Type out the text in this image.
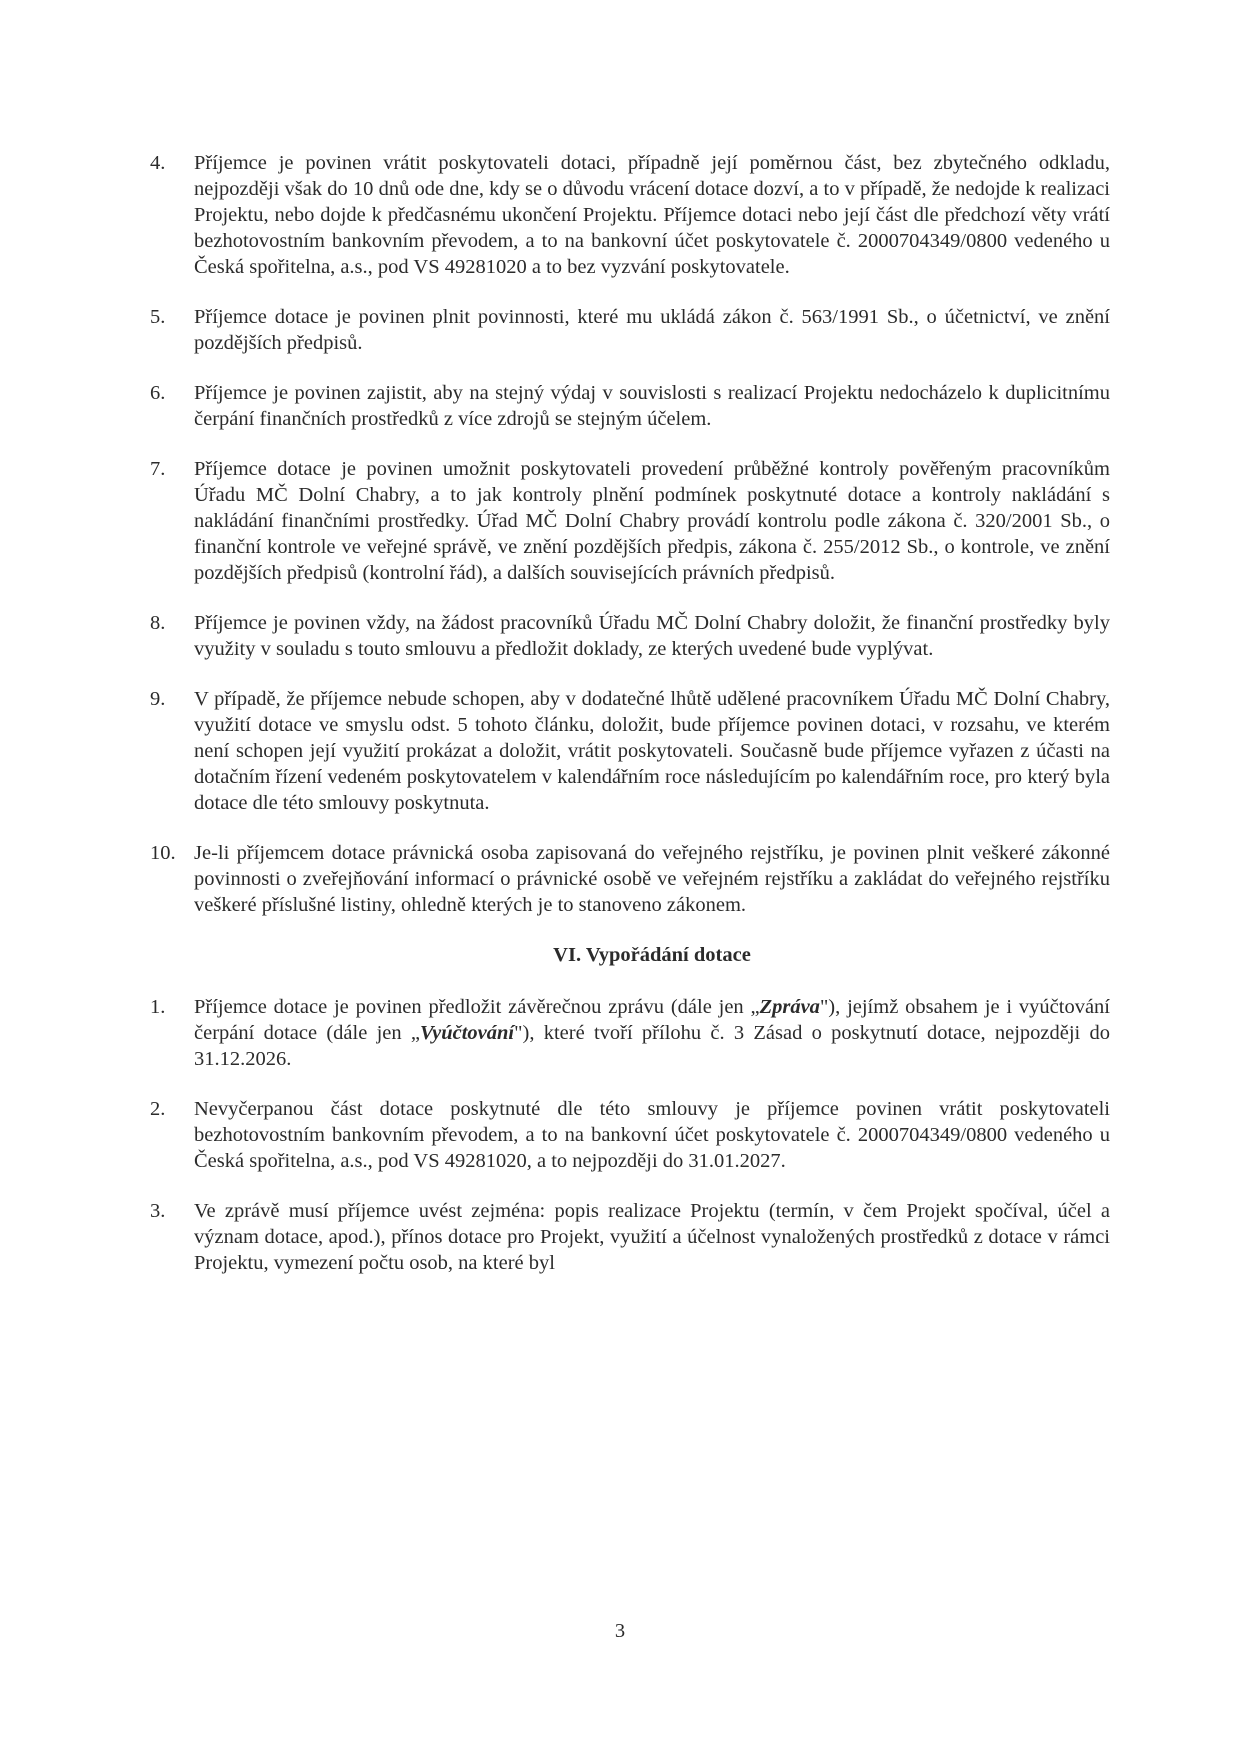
4.	Příjemce je povinen vrátit poskytovateli dotaci, případně její poměrnou část, bez zbytečného odkladu, nejpozději však do 10 dnů ode dne, kdy se o důvodu vrácení dotace dozví, a to v případě, že nedojde k realizaci Projektu, nebo dojde k předčasnému ukončení Projektu. Příjemce dotaci nebo její část dle předchozí věty vrátí bezhotovostním bankovním převodem, a to na bankovní účet poskytovatele č. 2000704349/0800 vedeného u Česká spořitelna, a.s., pod VS 49281020 a to bez vyzvání poskytovatele.
5.	Příjemce dotace je povinen plnit povinnosti, které mu ukládá zákon č. 563/1991 Sb., o účetnictví, ve znění pozdějších předpisů.
6.	Příjemce je povinen zajistit, aby na stejný výdaj v souvislosti s realizací Projektu nedocházelo k duplicitnímu čerpání finančních prostředků z více zdrojů se stejným účelem.
7.	Příjemce dotace je povinen umožnit poskytovateli provedení průběžné kontroly pověřeným pracovníkům Úřadu MČ Dolní Chabry, a to jak kontroly plnění podmínek poskytnuté dotace a kontroly nakládání s nakládání finančními prostředky. Úřad MČ Dolní Chabry provádí kontrolu podle zákona č. 320/2001 Sb., o finanční kontrole ve veřejné správě, ve znění pozdějších předpis, zákona č. 255/2012 Sb., o kontrole, ve znění pozdějších předpisů (kontrolní řád), a dalších souvisejících právních předpisů.
8.	Příjemce je povinen vždy, na žádost pracovníků Úřadu MČ Dolní Chabry doložit, že finanční prostředky byly využity v souladu s touto smlouvu a předložit doklady, ze kterých uvedené bude vyplývat.
9.	V případě, že příjemce nebude schopen, aby v dodatečné lhůtě udělené pracovníkem Úřadu MČ Dolní Chabry, využití dotace ve smyslu odst. 5 tohoto článku, doložit, bude příjemce povinen dotaci, v rozsahu, ve kterém není schopen její využití prokázat a doložit, vrátit poskytovateli. Současně bude příjemce vyřazen z účasti na dotačním řízení vedeném poskytovatelem v kalendářním roce následujícím po kalendářním roce, pro který byla dotace dle této smlouvy poskytnuta.
10. Je-li příjemcem dotace právnická osoba zapisovaná do veřejného rejstříku, je povinen plnit veškeré zákonné povinnosti o zveřejňování informací o právnické osobě ve veřejném rejstříku a zakládat do veřejného rejstříku veškeré příslušné listiny, ohledně kterých je to stanoveno zákonem.
VI. Vypořádání dotace
1.	Příjemce dotace je povinen předložit závěrečnou zprávu (dále jen „Zpráva"), jejímž obsahem je i vyúčtování čerpání dotace (dále jen „Vyúčtování"), které tvoří přílohu č. 3 Zásad o poskytnutí dotace, nejpozději do 31.12.2026.
2.	Nevyčerpanou část dotace poskytnuté dle této smlouvy je příjemce povinen vrátit poskytovateli bezhotovostním bankovním převodem, a to na bankovní účet poskytovatele č. 2000704349/0800 vedeného u Česká spořitelna, a.s., pod VS 49281020, a to nejpozději do 31.01.2027.
3.	Ve zprávě musí příjemce uvést zejména: popis realizace Projektu (termín, v čem Projekt spočíval, účel a význam dotace, apod.), přínos dotace pro Projekt, využití a účelnost vynaložených prostředků z dotace v rámci Projektu, vymezení počtu osob, na které byl
3
